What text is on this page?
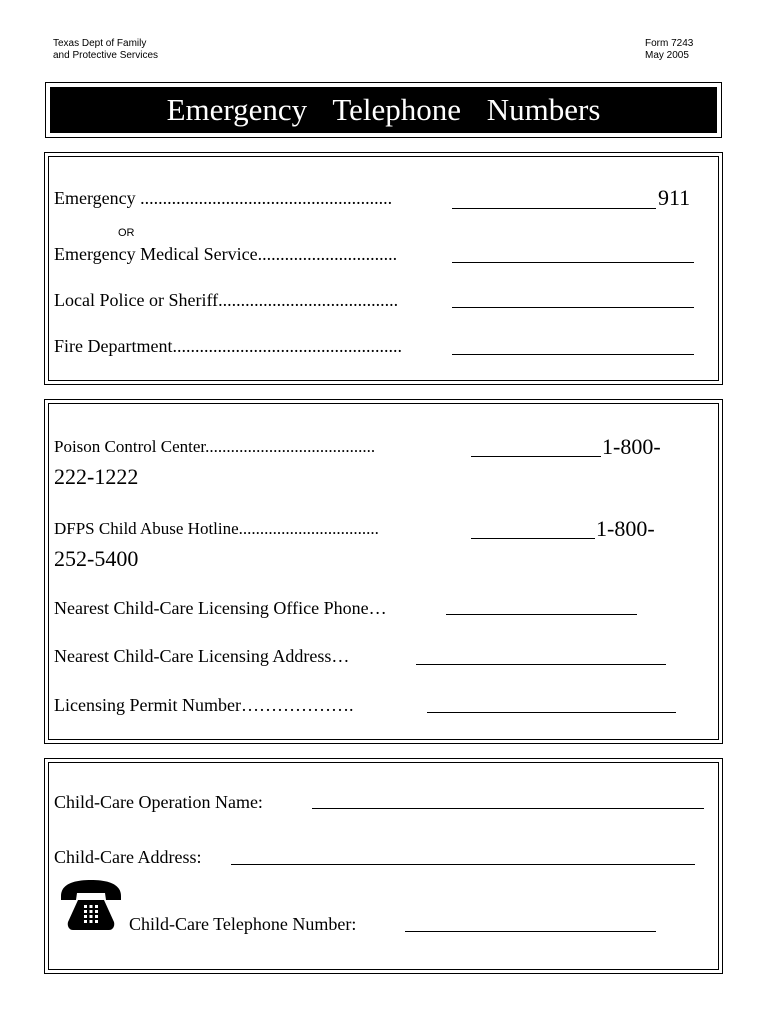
Texas Dept of Family
and Protective Services
Form 7243
May 2005
Emergency Telephone Numbers
Emergency ........................................................	911
OR
Emergency Medical Service...............................
Local Police or Sheriff........................................
Fire Department...................................................
Poison Control Center........................................	1-800-
222-1222
DFPS Child Abuse Hotline.................................	1-800-
252-5400
Nearest Child-Care Licensing Office Phone…
Nearest Child-Care Licensing Address…
Licensing Permit Number……………….
Child-Care Operation Name:
Child-Care Address:
Child-Care Telephone Number:
